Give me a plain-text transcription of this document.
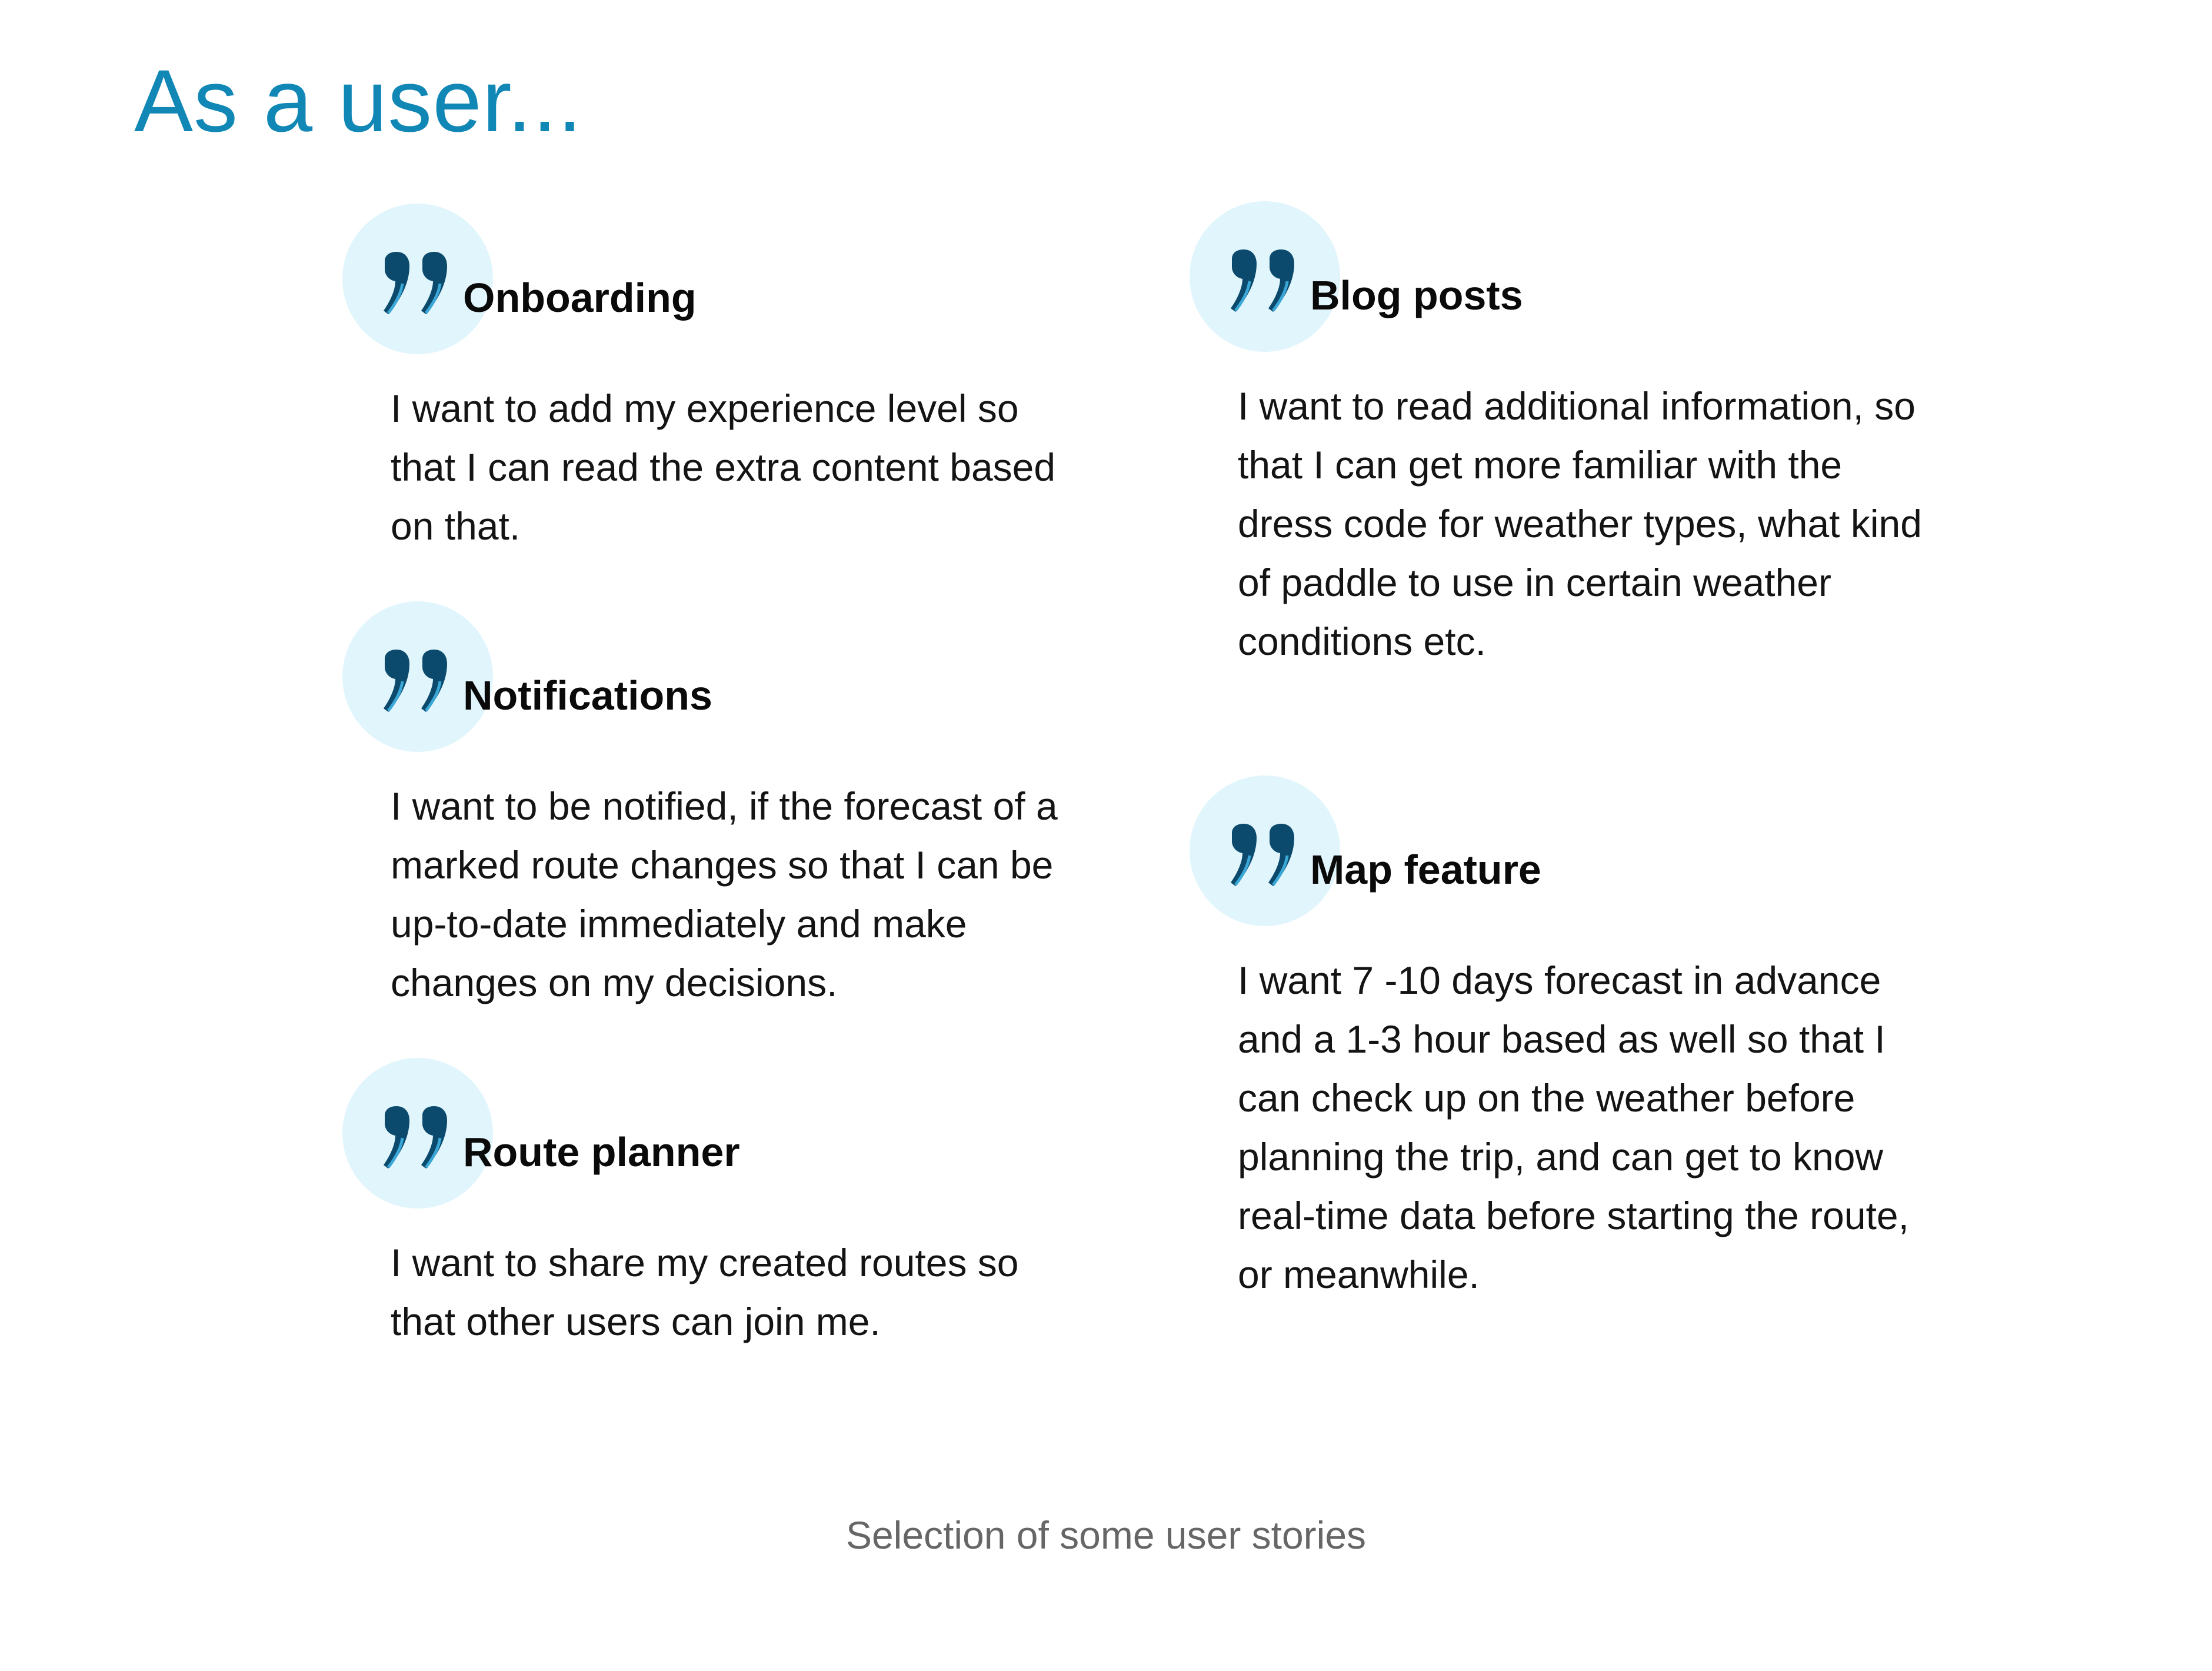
As a user...
Onboarding
I want to add my experience level so that I can read the extra content based on that.
Notifications
I want to be notified, if the forecast of a marked route changes so that I can be up-to-date immediately and make changes on my decisions.
Route planner
I want to share my created routes so that other users can join me.
Blog posts
I want to read additional information, so that I can get more familiar with the dress code for weather types, what kind of paddle to use in certain weather conditions etc.
Map feature
I want 7 -10 days forecast in advance and a 1-3 hour based as well so that I can check up on the weather before planning the trip, and can get to know real-time data before starting the route, or meanwhile.
Selection of some user stories
